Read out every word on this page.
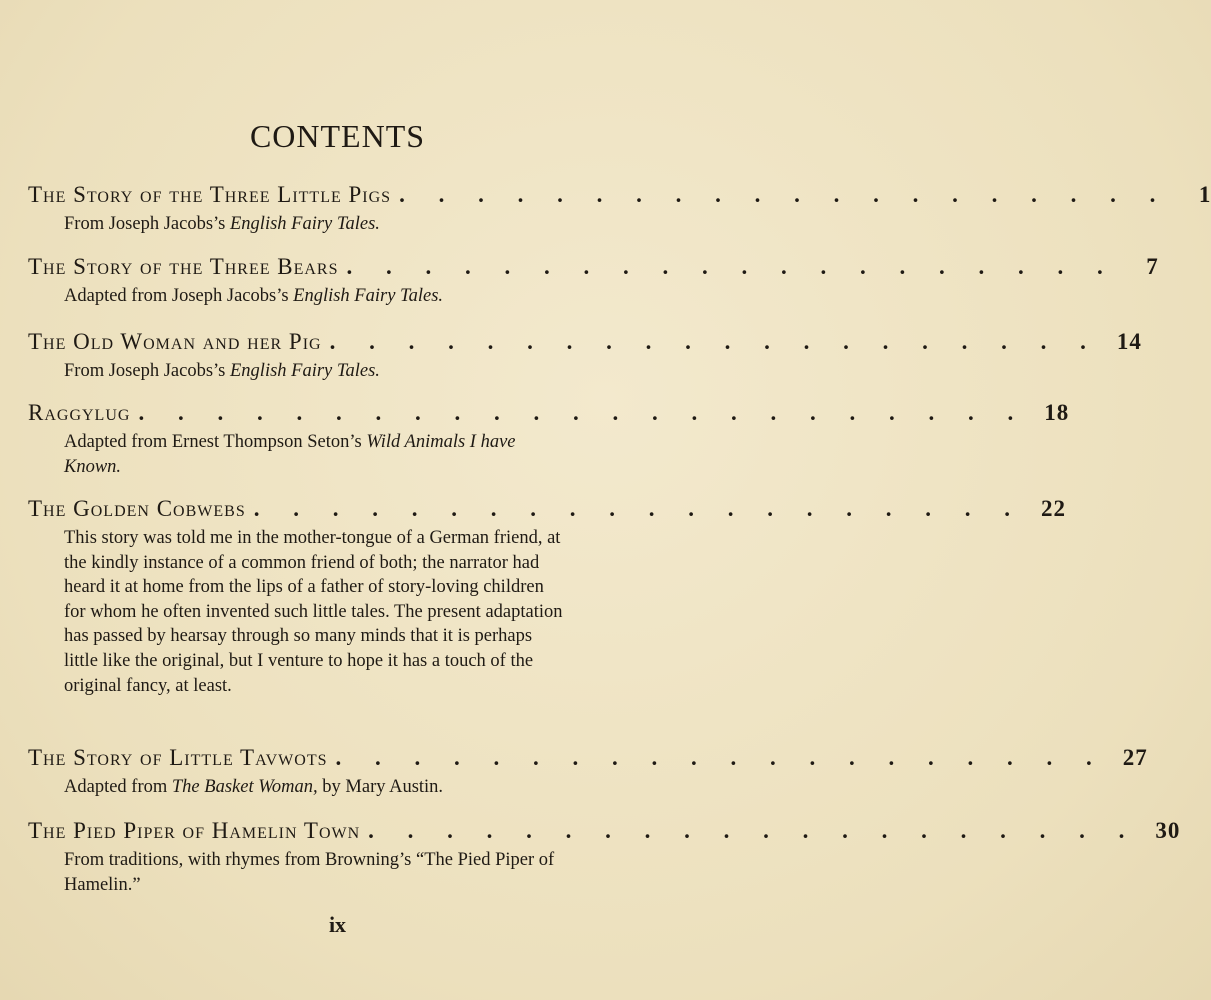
CONTENTS
The Story of the Three Little Pigs . . . . . . . . . . . . . . . . . . . .	1
From Joseph Jacobs’s English Fairy Tales.
The Story of the Three Bears . . . . . . . . . . . . . . . . . . . .	7
Adapted from Joseph Jacobs’s English Fairy Tales.
The Old Woman and her Pig . . . . . . . . . . . . . . . . . . . . 14
From Joseph Jacobs’s English Fairy Tales.
Raggylug . . . . . . . . . . . . . . . . . . . . . . . 18
Adapted from Ernest Thompson Seton’s Wild Animals I have Known.
The Golden Cobwebs . . . . . . . . . . . . . . . . . . . . 22
This story was told me in the mother-tongue of a German friend, at the kindly instance of a common friend of both; the narrator had heard it at home from the lips of a father of story-loving children for whom he often invented such little tales. The present adaptation has passed by hearsay through so many minds that it is perhaps little like the original, but I venture to hope it has a touch of the original fancy, at least.
The Story of Little Tavwots . . . . . . . . . . . . . . . . . . . . 27
Adapted from The Basket Woman, by Mary Austin.
The Pied Piper of Hamelin Town . . . . . . . . . . . . . . . . . . . . 30
From traditions, with rhymes from Browning’s “The Pied Piper of Hamelin.”
ix
